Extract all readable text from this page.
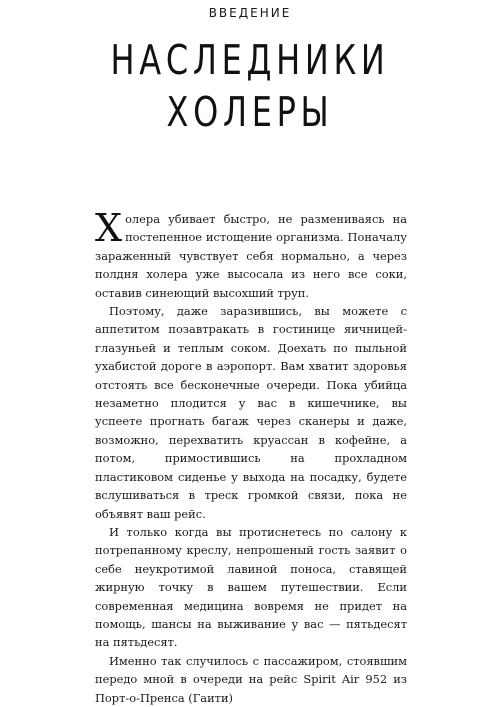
ВВЕДЕНИЕ
НАСЛЕДНИКИ
ХОЛЕРЫ

Холера убивает быстро, не размениваясь на постепенное истощение организма. Поначалу зараженный чувствует себя нормально, а через полдня холера уже высосала из него все соки, оставив синеющий высохший труп.

Поэтому, даже заразившись, вы можете с аппетитом позавтракать в гостинице яичницей-глазуньей и теплым соком. Доехать по пыльной ухабистой дороге в аэропорт. Вам хватит здоровья отстоять все бесконечные очереди. Пока убийца незаметно плодится у вас в кишечнике, вы успеете прогнать багаж через сканеры и даже, возможно, перехватить круассан в кофейне, а потом, примостившись на прохладном пластиковом сиденье у выхода на посадку, будете вслушиваться в треск громкой связи, пока не объявят ваш рейс.

И только когда вы протиснетесь по салону к потрепанному креслу, непрошеный гость заявит о себе неукротимой лавиной поноса, ставящей жирную точку в вашем путешествии. Если современная медицина вовремя не придет на помощь, шансы на выживание у вас — пятьдесят на пятьдесят.

Именно так случилось с пассажиром, стоявшим передо мной в очереди на рейс Spirit Air 952 из Порт-о-Пренса (Гаити)
